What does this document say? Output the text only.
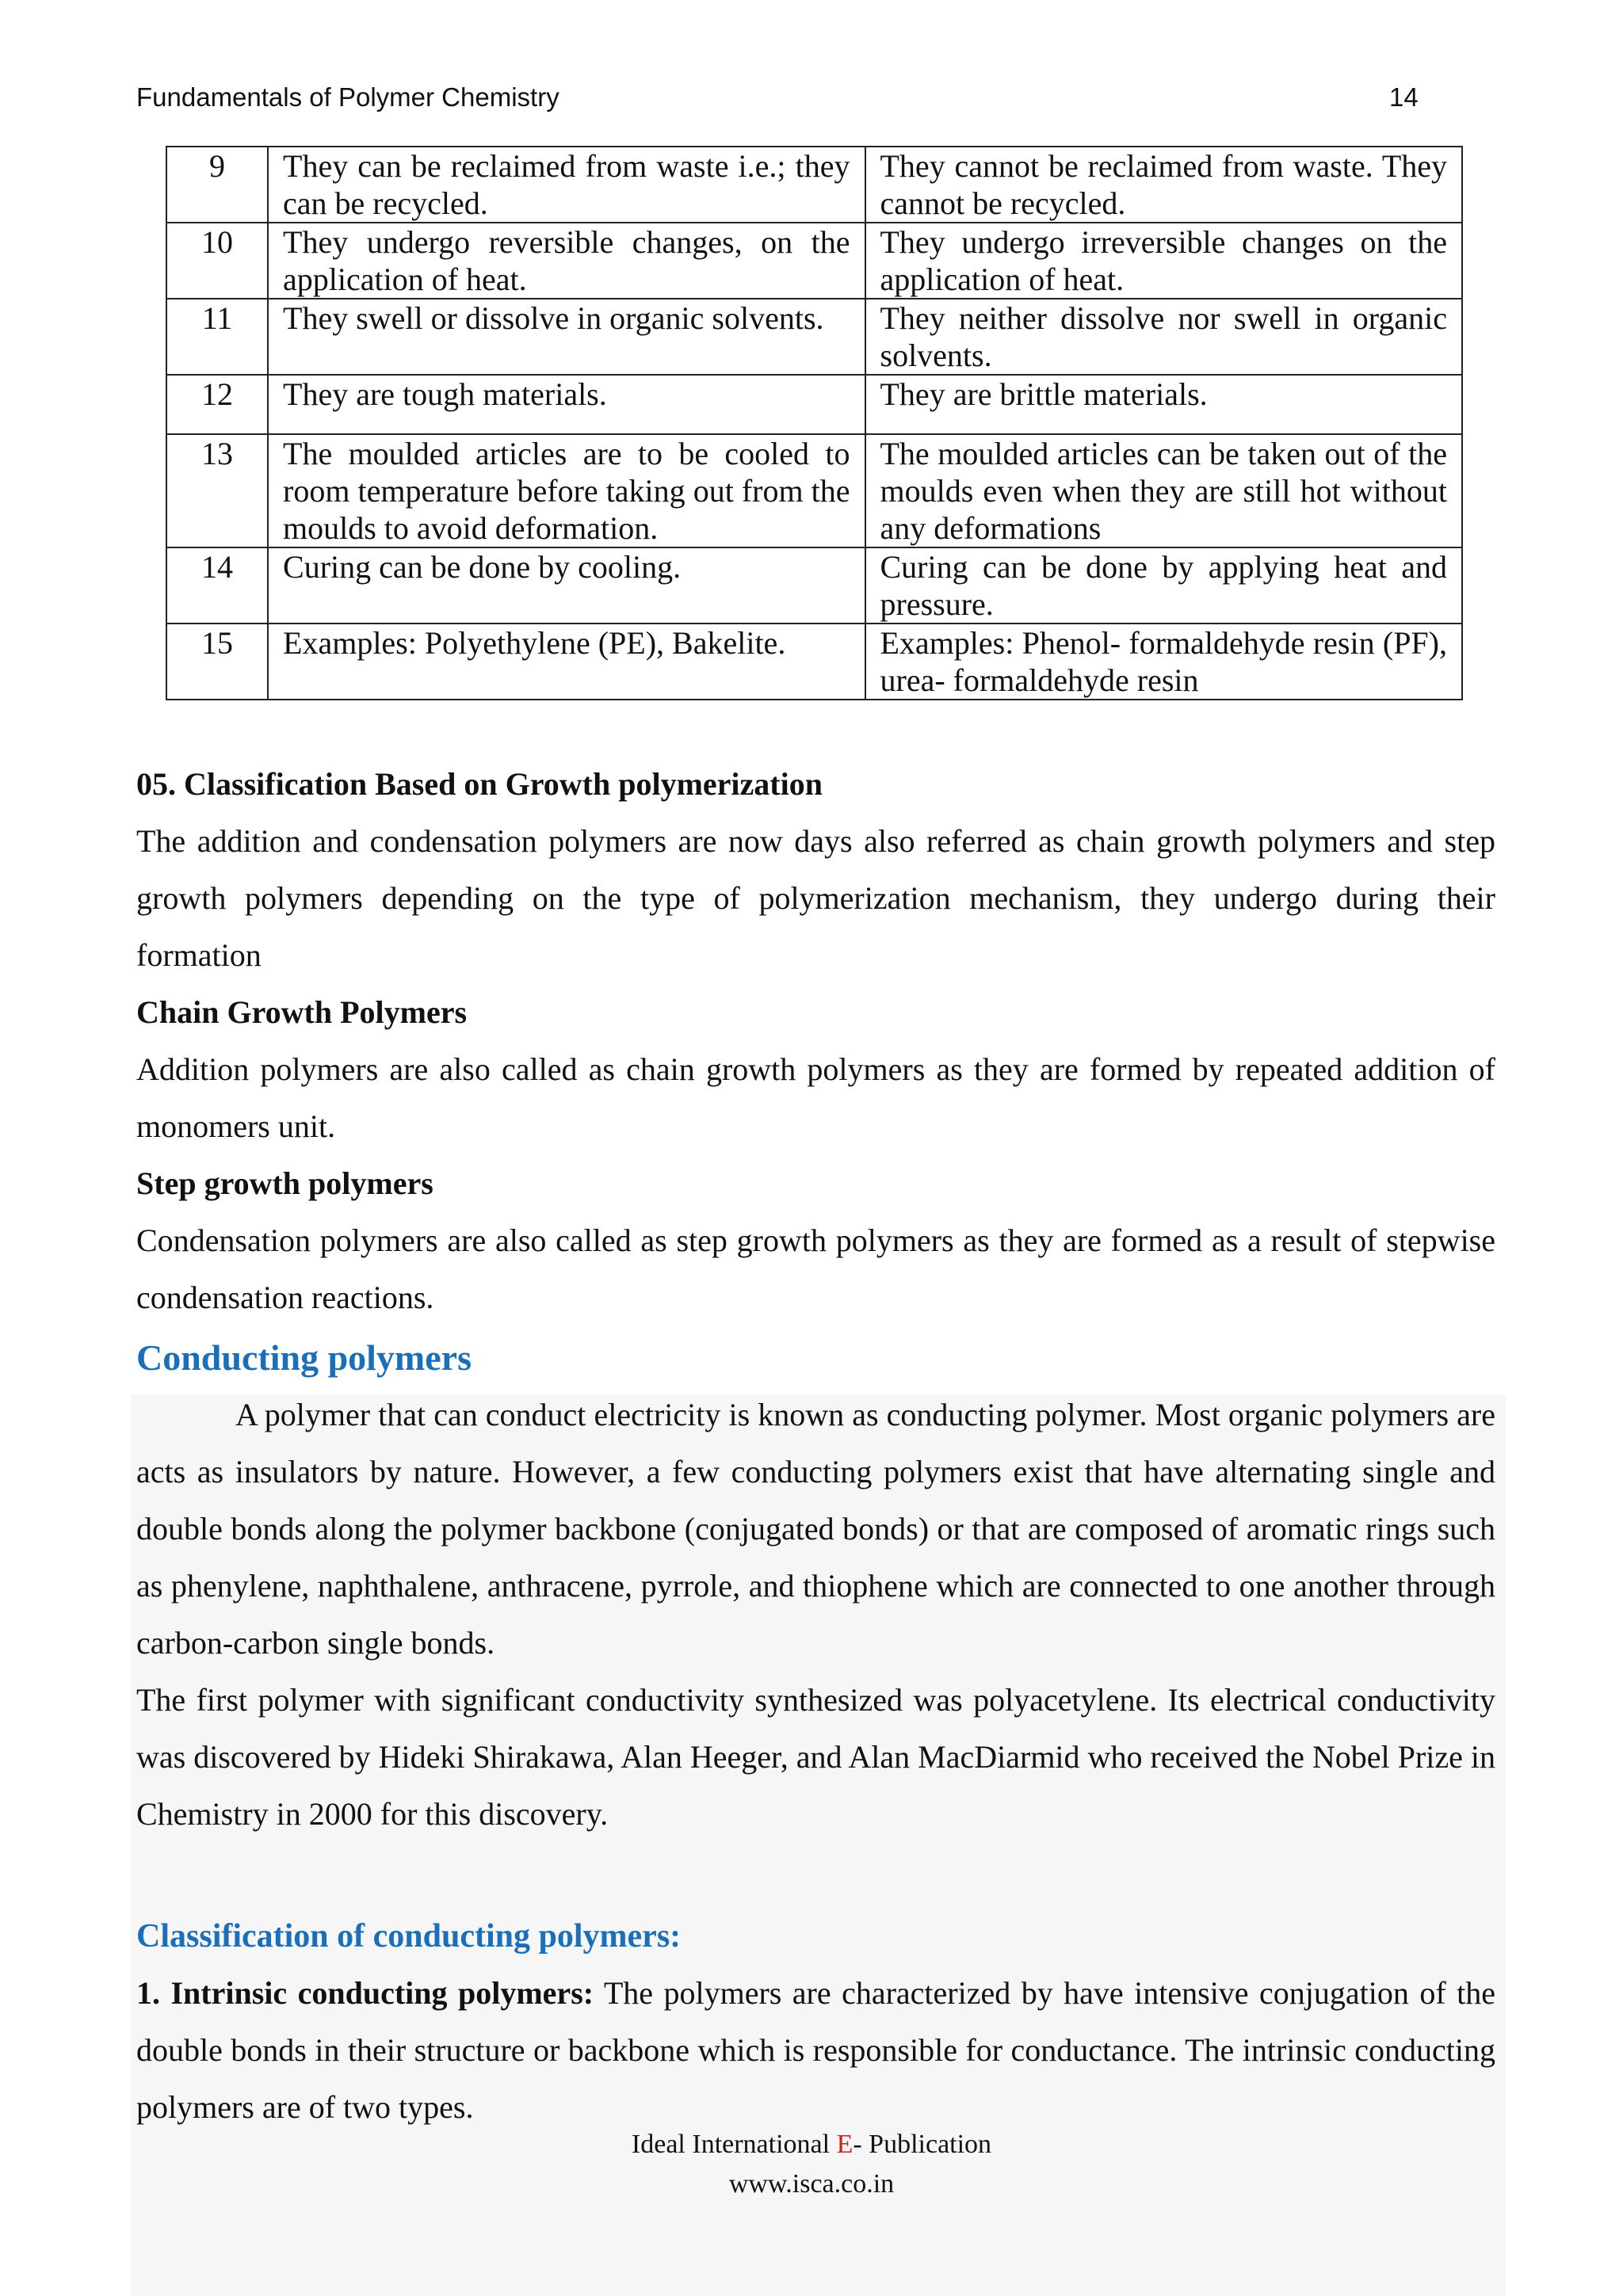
Fundamentals of Polymer Chemistry	14
9	They can be reclaimed from waste i.e.; they can be recycled.	They cannot be reclaimed from waste. They cannot be recycled.
10	They undergo reversible changes, on the application of heat.	They undergo irreversible changes on the application of heat.
11	They swell or dissolve in organic solvents.	They neither dissolve nor swell in organic solvents.
12	They are tough materials.	They are brittle materials.
13	The moulded articles are to be cooled to room temperature before taking out from the moulds to avoid deformation.	The moulded articles can be taken out of the moulds even when they are still hot without any deformations
14	Curing can be done by cooling.	Curing can be done by applying heat and pressure.
15	Examples: Polyethylene (PE), Bakelite.	Examples: Phenol- formaldehyde resin (PF), urea- formaldehyde resin

05. Classification Based on Growth polymerization

The addition and condensation polymers are now days also referred as chain growth polymers and step growth polymers depending on the type of polymerization mechanism, they undergo during their formation

Chain Growth Polymers

Addition polymers are also called as chain growth polymers as they are formed by repeated addition of monomers unit.

Step growth polymers

Condensation polymers are also called as step growth polymers as they are formed as a result of stepwise condensation reactions.

Conducting polymers

A polymer that can conduct electricity is known as conducting polymer. Most organic polymers are acts as insulators by nature. However, a few conducting polymers exist that have alternating single and double bonds along the polymer backbone (conjugated bonds) or that are composed of aromatic rings such as phenylene, naphthalene, anthracene, pyrrole, and thiophene which are connected to one another through carbon-carbon single bonds.

The first polymer with significant conductivity synthesized was polyacetylene. Its electrical conductivity was discovered by Hideki Shirakawa, Alan Heeger, and Alan MacDiarmid who received the Nobel Prize in Chemistry in 2000 for this discovery.

Classification of conducting polymers:

1. Intrinsic conducting polymers: The polymers are characterized by have intensive conjugation of the double bonds in their structure or backbone which is responsible for conductance. The intrinsic conducting polymers are of two types.

Ideal International E- Publication
www.isca.co.in
